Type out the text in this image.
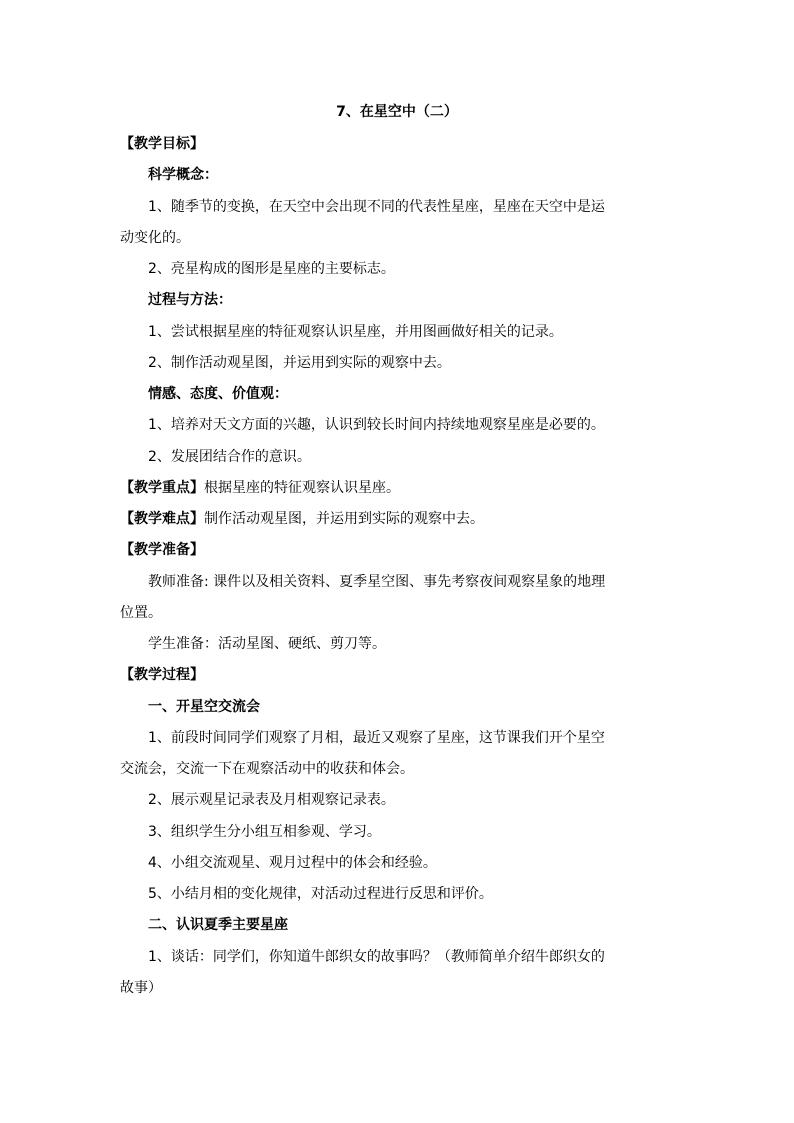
7、在星空中（二）
【教学目标】
科学概念：
1、随季节的变换，在天空中会出现不同的代表性星座，星座在天空中是运
动变化的。
2、亮星构成的图形是星座的主要标志。
过程与方法：
1、尝试根据星座的特征观察认识星座，并用图画做好相关的记录。
2、制作活动观星图，并运用到实际的观察中去。
情感、态度、价值观：
1、培养对天文方面的兴趣，认识到较长时间内持续地观察星座是必要的。
2、发展团结合作的意识。
【教学重点】根据星座的特征观察认识星座。
【教学难点】制作活动观星图，并运用到实际的观察中去。
【教学准备】
教师准备: 课件以及相关资料、夏季星空图、事先考察夜间观察星象的地理
位置。
学生准备：活动星图、硬纸、剪刀等。
【教学过程】
一、开星空交流会
1、前段时间同学们观察了月相，最近又观察了星座，这节课我们开个星空
交流会，交流一下在观察活动中的收获和体会。
2、展示观星记录表及月相观察记录表。
3、组织学生分小组互相参观、学习。
4、小组交流观星、观月过程中的体会和经验。
5、小结月相的变化规律，对活动过程进行反思和评价。
二、认识夏季主要星座
1、谈话：同学们，你知道牛郎织女的故事吗？（教师简单介绍牛郎织女的
故事）
